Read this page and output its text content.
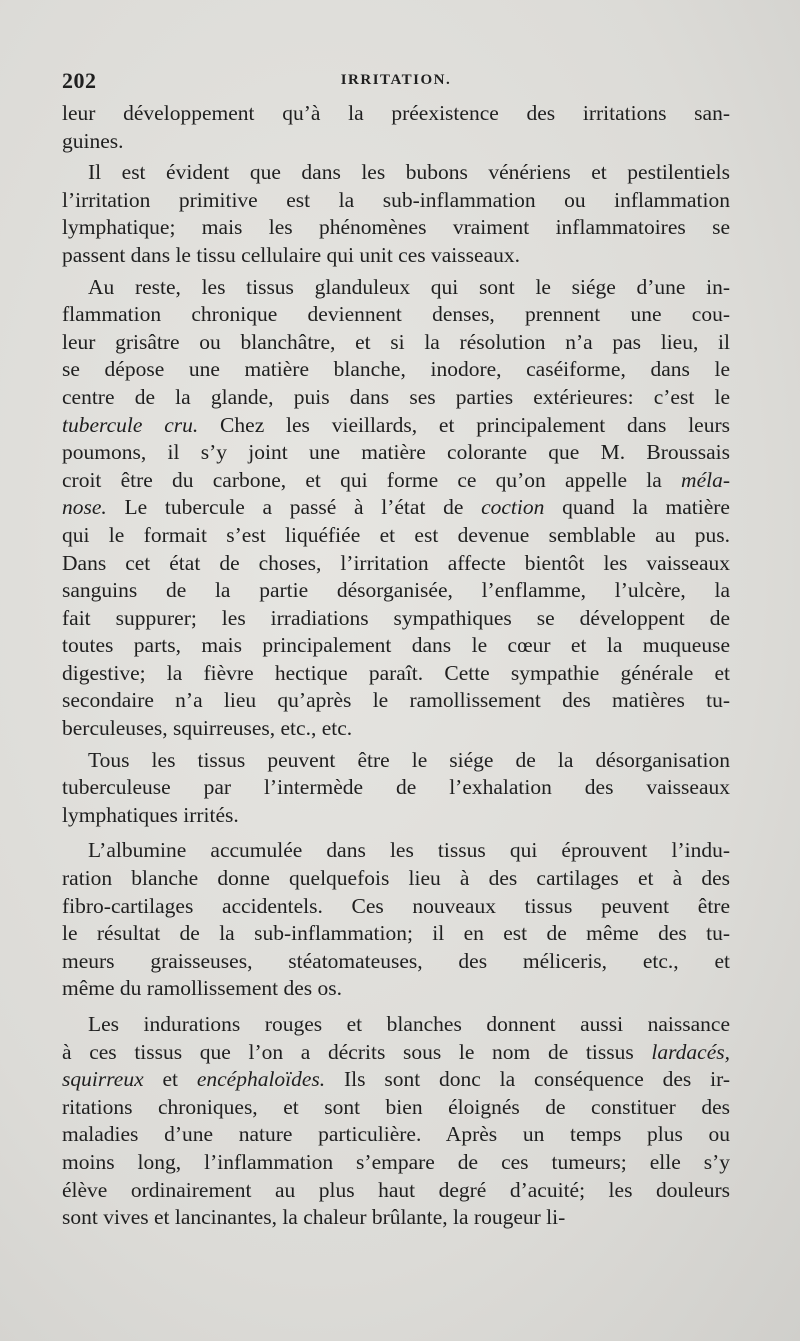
202	IRRITATION.
leur développement qu’à la préexistence des irritations san-
guines.
Il est évident que dans les bubons vénériens et pestilentiels
l’irritation primitive est la sub-inflammation ou inflammation
lymphatique; mais les phénomènes vraiment inflammatoires se
passent dans le tissu cellulaire qui unit ces vaisseaux.
Au reste, les tissus glanduleux qui sont le siége d’une in-
flammation chronique deviennent denses, prennent une cou-
leur grisâtre ou blanchâtre, et si la résolution n’a pas lieu, il
se dépose une matière blanche, inodore, caséiforme, dans le
centre de la glande, puis dans ses parties extérieures: c’est le
tubercule cru. Chez les vieillards, et principalement dans leurs
poumons, il s’y joint une matière colorante que M. Broussais
croit être du carbone, et qui forme ce qu’on appelle la méla-
nose. Le tubercule a passé à l’état de coction quand la matière
qui le formait s’est liquéfiée et est devenue semblable au pus.
Dans cet état de choses, l’irritation affecte bientôt les vaisseaux
sanguins de la partie désorganisée, l’enflamme, l’ulcère, la
fait suppurer; les irradiations sympathiques se développent de
toutes parts, mais principalement dans le cœur et la muqueuse
digestive; la fièvre hectique paraît. Cette sympathie générale et
secondaire n’a lieu qu’après le ramollissement des matières tu-
berculeuses, squirreuses, etc., etc.
Tous les tissus peuvent être le siége de la désorganisation
tuberculeuse par l’intermède de l’exhalation des vaisseaux
lymphatiques irrités.
L’albumine accumulée dans les tissus qui éprouvent l’indu-
ration blanche donne quelquefois lieu à des cartilages et à des
fibro-cartilages accidentels. Ces nouveaux tissus peuvent être
le résultat de la sub-inflammation; il en est de même des tu-
meurs graisseuses, stéatomateuses, des méliceris, etc., et
même du ramollissement des os.
Les indurations rouges et blanches donnent aussi naissance
à ces tissus que l’on a décrits sous le nom de tissus lardacés,
squirreux et encéphaloïdes. Ils sont donc la conséquence des ir-
ritations chroniques, et sont bien éloignés de constituer des
maladies d’une nature particulière. Après un temps plus ou
moins long, l’inflammation s’empare de ces tumeurs; elle s’y
élève ordinairement au plus haut degré d’acuité; les douleurs
sont vives et lancinantes, la chaleur brûlante, la rougeur li-
